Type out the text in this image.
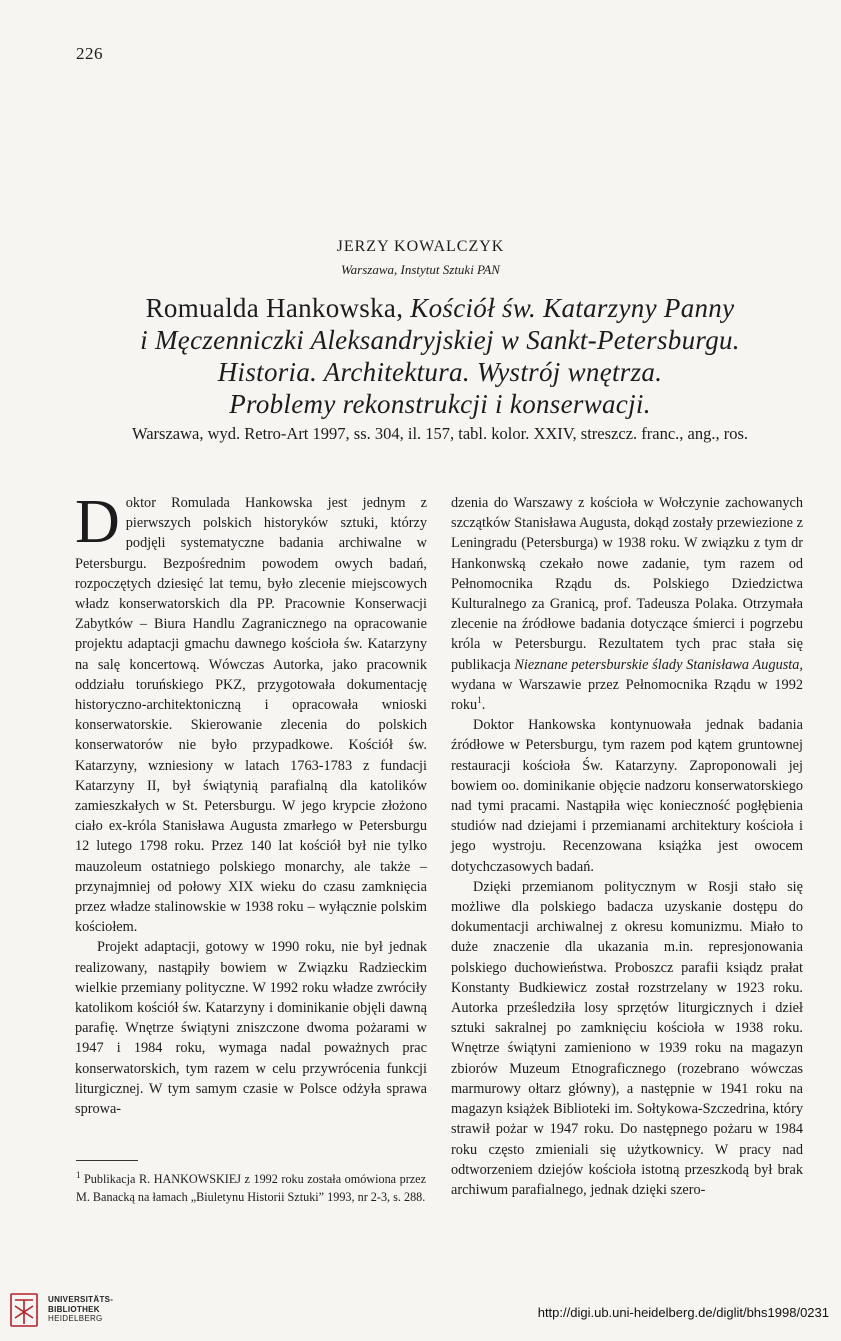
226
JERZY KOWALCZYK
Warszawa, Instytut Sztuki PAN
Romualda Hankowska, Kościół św. Katarzyny Panny
i Męczenniczki Aleksandryjskiej w Sankt-Petersburgu.
Historia. Architektura. Wystrój wnętrza.
Problemy rekonstrukcji i konserwacji.
Warszawa, wyd. Retro-Art 1997, ss. 304, il. 157, tabl. kolor. XXIV, streszcz. franc., ang., ros.

Doktor Romulada Hankowska jest jednym z pierwszych polskich historyków sztuki, którzy podjęli systematyczne badania archiwalne w Petersburgu. Bezpośrednim powodem owych badań, rozpoczętych dziesięć lat temu, było zlecenie miejscowych władz konserwatorskich dla PP. Pracownie Konserwacji Zabytków – Biura Handlu Zagranicznego na opracowanie projektu adaptacji gmachu dawnego kościoła św. Katarzyny na salę koncertową. Wówczas Autorka, jako pracownik oddziału toruńskiego PKZ, przygotowała dokumentację historyczno-architektoniczną i opracowała wnioski konserwatorskie. Skierowanie zlecenia do polskich konserwatorów nie było przypadkowe. Kościół św. Katarzyny, wzniesiony w latach 1763-1783 z fundacji Katarzyny II, był świątynią parafialną dla katolików zamieszkałych w St. Petersburgu. W jego krypcie złożono ciało ex-króla Stanisława Augusta zmarłego w Petersburgu 12 lutego 1798 roku. Przez 140 lat kościół był nie tylko mauzoleum ostatniego polskiego monarchy, ale także – przynajmniej od połowy XIX wieku do czasu zamknięcia przez władze stalinowskie w 1938 roku – wyłącznie polskim kościołem.

Projekt adaptacji, gotowy w 1990 roku, nie był jednak realizowany, nastąpiły bowiem w Związku Radzieckim wielkie przemiany polityczne. W 1992 roku władze zwróciły katolikom kościół św. Katarzyny i dominikanie objęli dawną parafię. Wnętrze świątyni zniszczone dwoma pożarami w 1947 i 1984 roku, wymaga nadal poważnych prac konserwatorskich, tym razem w celu przywrócenia funkcji liturgicznej. W tym samym czasie w Polsce odżyła sprawa sprowa-

dzenia do Warszawy z kościoła w Wołczynie zachowanych szczątków Stanisława Augusta, dokąd zostały przewiezione z Leningradu (Petersburga) w 1938 roku. W związku z tym dr Hankonwską czekało nowe zadanie, tym razem od Pełnomocnika Rządu ds. Polskiego Dziedzictwa Kulturalnego za Granicą, prof. Tadeusza Polaka. Otrzymała zlecenie na źródłowe badania dotyczące śmierci i pogrzebu króla w Petersburgu. Rezultatem tych prac stała się publikacja Nieznane petersburskie ślady Stanisława Augusta, wydana w Warszawie przez Pełnomocnika Rządu w 1992 roku$^1$.

Doktor Hankowska kontynuowała jednak badania źródłowe w Petersburgu, tym razem pod kątem gruntownej restauracji kościoła Św. Katarzyny. Zaproponowali jej bowiem oo. dominikanie objęcie nadzoru konserwatorskiego nad tymi pracami. Nastąpiła więc konieczność pogłębienia studiów nad dziejami i przemianami architektury kościoła i jego wystroju. Recenzowana książka jest owocem dotychczasowych badań.

Dzięki przemianom politycznym w Rosji stało się możliwe dla polskiego badacza uzyskanie dostępu do dokumentacji archiwalnej z okresu komunizmu. Miało to duże znaczenie dla ukazania m.in. represjonowania polskiego duchowieństwa. Proboszcz parafii ksiądz prałat Konstanty Budkiewicz został rozstrzelany w 1923 roku. Autorka prześledziła losy sprzętów liturgicznych i dzieł sztuki sakralnej po zamknięciu kościoła w 1938 roku. Wnętrze świątyni zamieniono w 1939 roku na magazyn zbiorów Muzeum Etnograficznego (rozebrano wówczas marmurowy ołtarz główny), a następnie w 1941 roku na magazyn książek Biblioteki im. Sołtykowa-Szczedrina, który strawił pożar w 1947 roku. Do następnego pożaru w 1984 roku często zmieniali się użytkownicy. W pracy nad odtworzeniem dziejów kościoła istotną przeszkodą był brak archiwum parafialnego, jednak dzięki szero-

$^1$ Publikacja R. HANKOWSKIEJ z 1992 roku została omówiona przez M. Banacką na łamach „Biuletynu Historii Sztuki” 1993, nr 2-3, s. 288.
UNIVERSITÄTS-
BIBLIOTHEK
HEIDELBERG	http://digi.ub.uni-heidelberg.de/diglit/bhs1998/0231
